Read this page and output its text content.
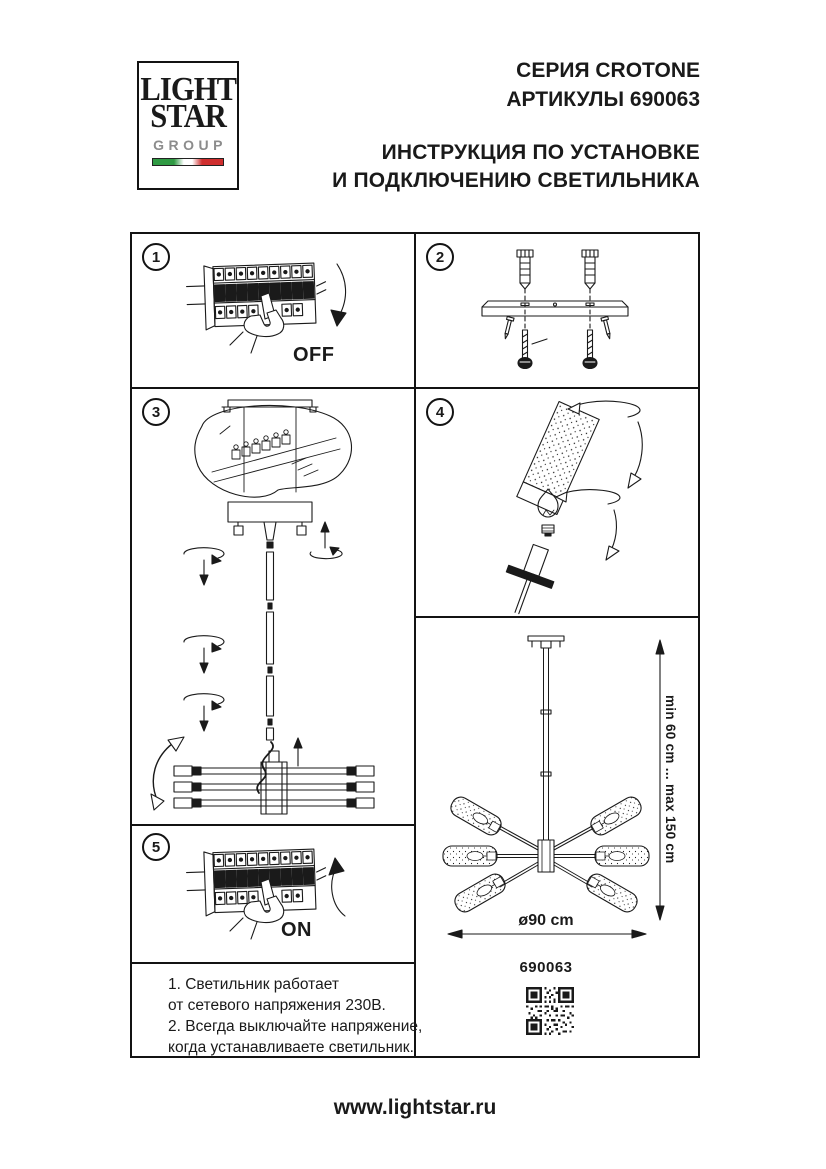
LIGHT
STAR
GROUP
СЕРИЯ CROTONE
АРТИКУЛЫ 690063
ИНСТРУКЦИЯ ПО УСТАНОВКЕ
И ПОДКЛЮЧЕНИЮ СВЕТИЛЬНИКА
1	2
3	4
5
OFF
ON
1. Светильник работает
от сетевого напряжения 230В.
2. Всегда выключайте напряжение,
когда устанавливаете светильник.
min 60 cm ... max 150 cm
ø90 cm
690063
www.lightstar.ru
